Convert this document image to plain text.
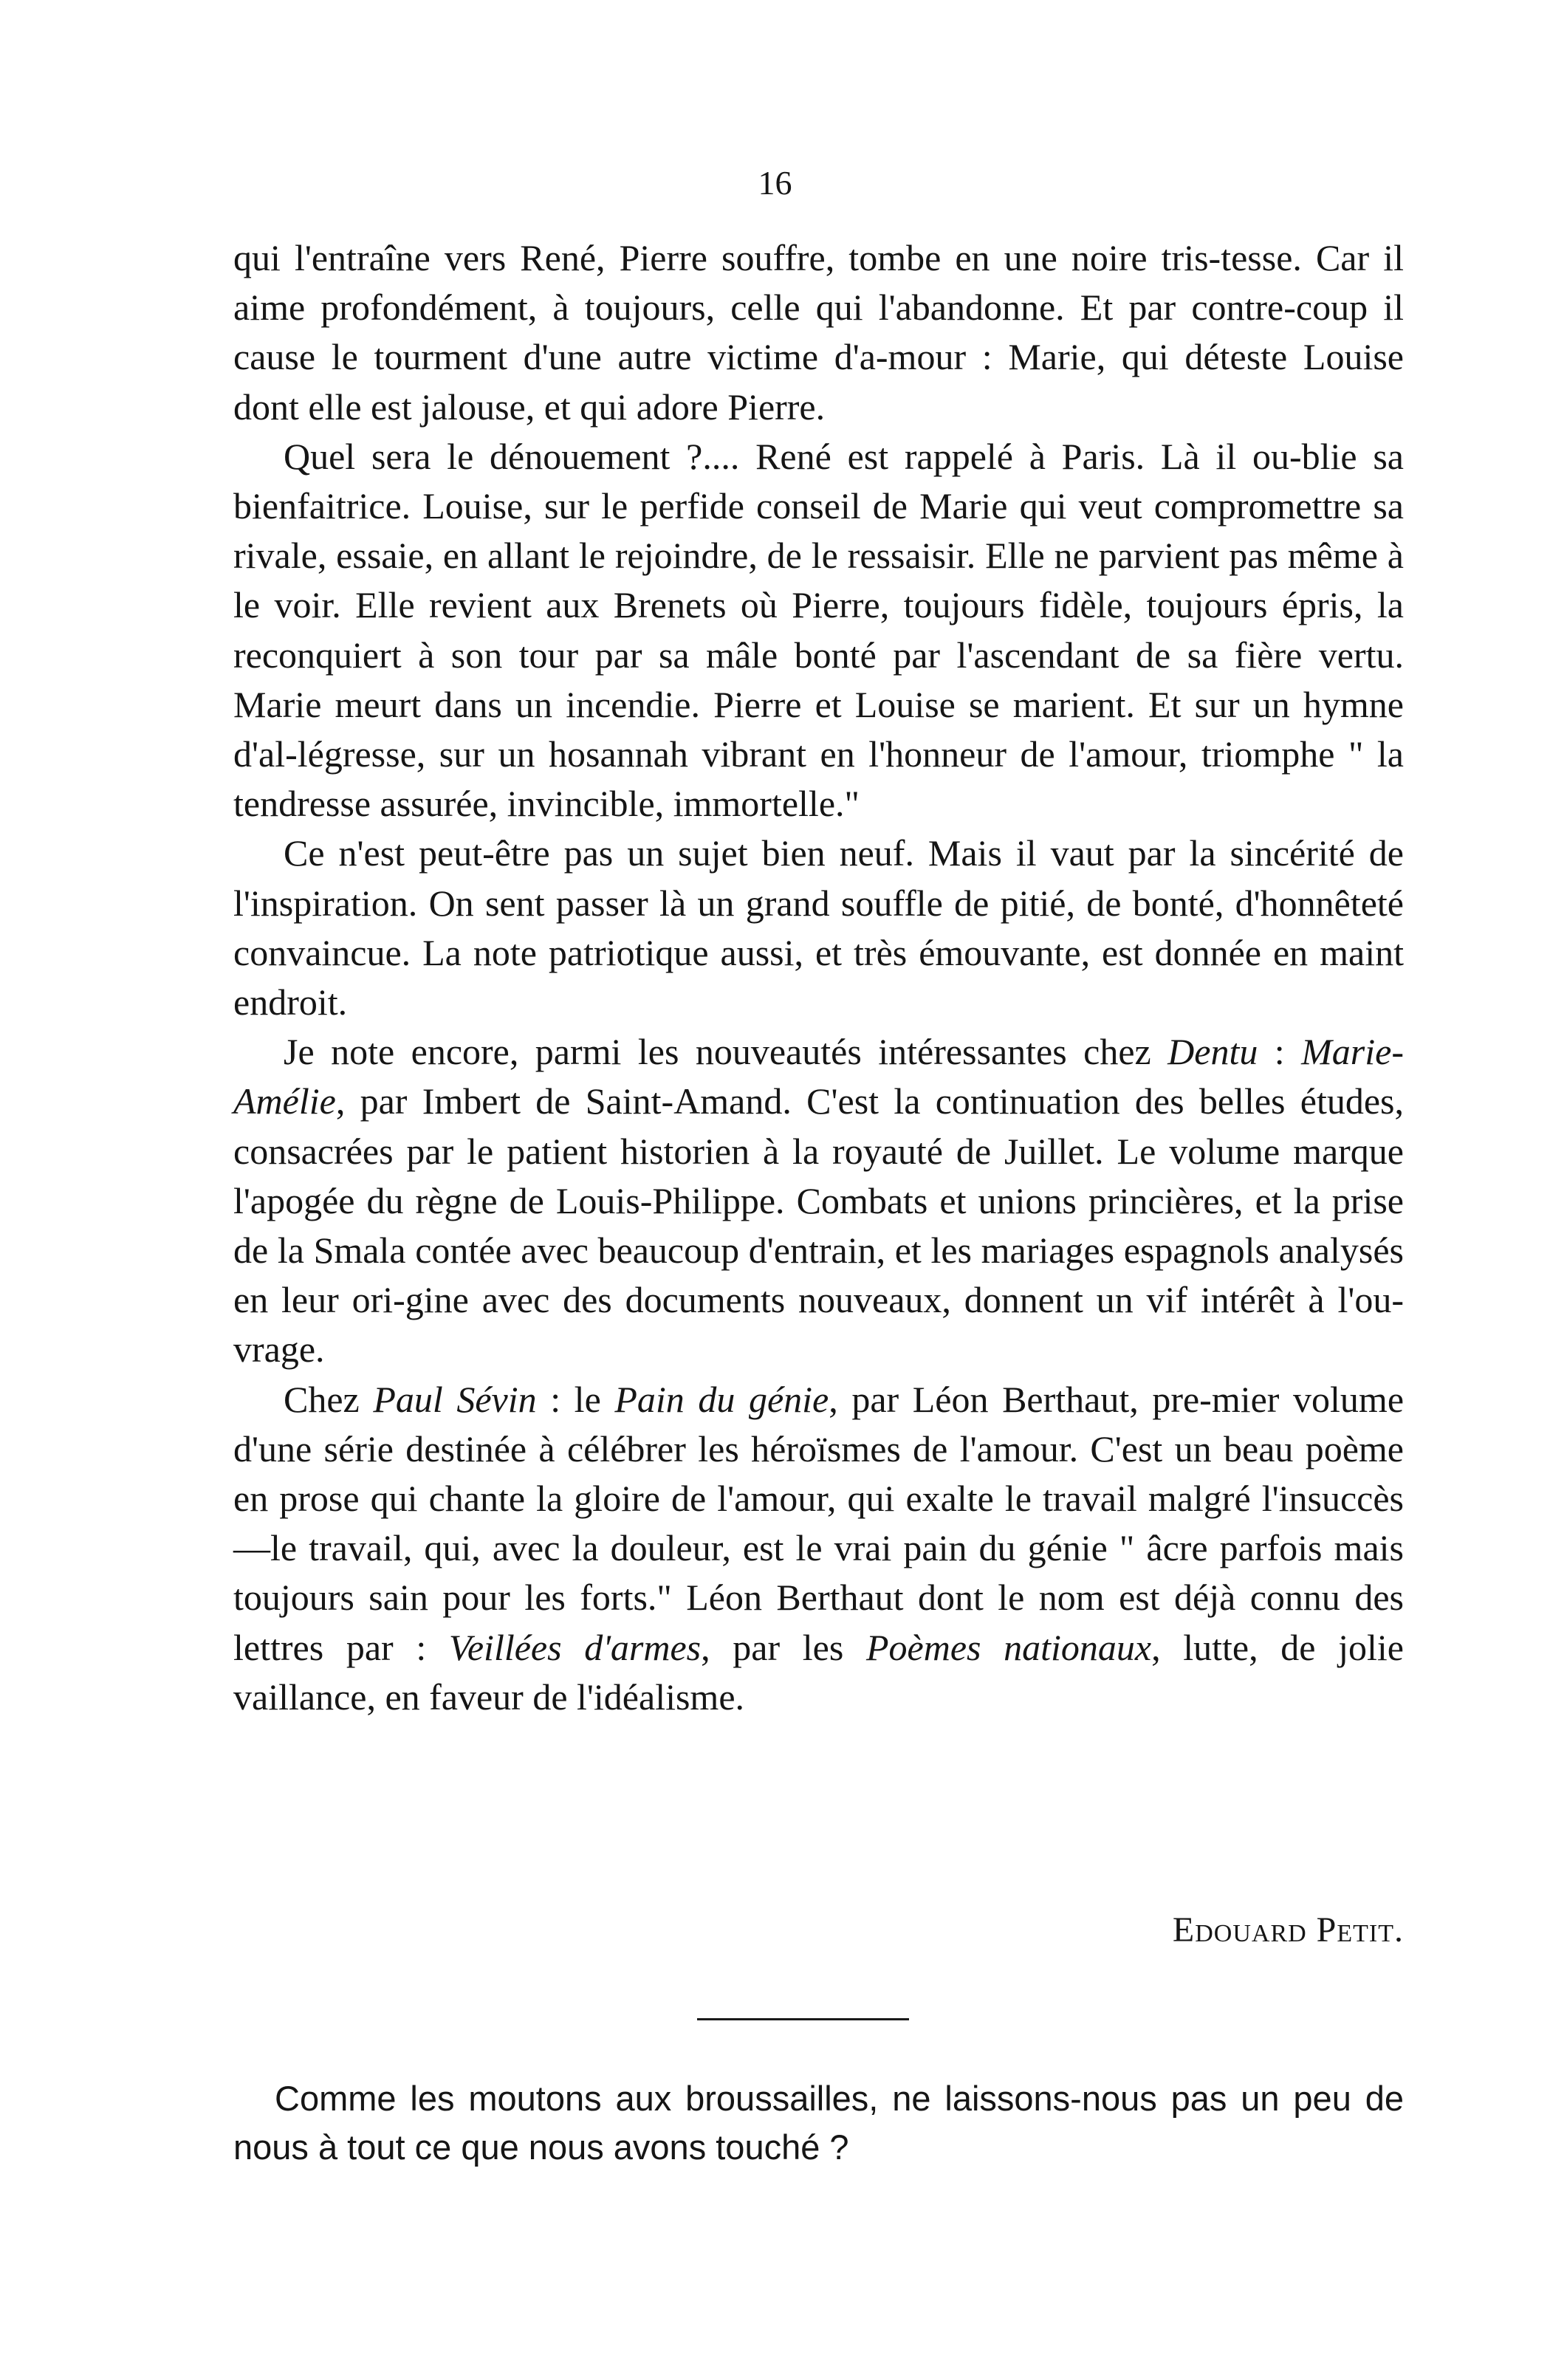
16

qui l'entraîne vers René, Pierre souffre, tombe en une noire tris-tesse. Car il aime profondément, à toujours, celle qui l'abandonne. Et par contre-coup il cause le tourment d'une autre victime d'a-mour : Marie, qui déteste Louise dont elle est jalouse, et qui adore Pierre.

Quel sera le dénouement ?.... René est rappelé à Paris. Là il ou-blie sa bienfaitrice. Louise, sur le perfide conseil de Marie qui veut compromettre sa rivale, essaie, en allant le rejoindre, de le ressaisir. Elle ne parvient pas même à le voir. Elle revient aux Brenets où Pierre, toujours fidèle, toujours épris, la reconquiert à son tour par sa mâle bonté par l'ascendant de sa fière vertu. Marie meurt dans un incendie. Pierre et Louise se marient. Et sur un hymne d'al-légresse, sur un hosannah vibrant en l'honneur de l'amour, triomphe " la tendresse assurée, invincible, immortelle."

Ce n'est peut-être pas un sujet bien neuf. Mais il vaut par la sincérité de l'inspiration. On sent passer là un grand souffle de pitié, de bonté, d'honnêteté convaincue. La note patriotique aussi, et très émouvante, est donnée en maint endroit.

Je note encore, parmi les nouveautés intéressantes chez Dentu : Marie-Amélie, par Imbert de Saint-Amand. C'est la continuation des belles études, consacrées par le patient historien à la royauté de Juillet. Le volume marque l'apogée du règne de Louis-Philippe. Combats et unions princières, et la prise de la Smala contée avec beaucoup d'entrain, et les mariages espagnols analysés en leur ori-gine avec des documents nouveaux, donnent un vif intérêt à l'ou-vrage.

Chez Paul Sévin : le Pain du génie, par Léon Berthaut, pre-mier volume d'une série destinée à célébrer les héroïsmes de l'amour. C'est un beau poème en prose qui chante la gloire de l'amour, qui exalte le travail malgré l'insuccès—le travail, qui, avec la douleur, est le vrai pain du génie " âcre parfois mais toujours sain pour les forts." Léon Berthaut dont le nom est déjà connu des lettres par : Veillées d'armes, par les Poèmes nationaux, lutte, de jolie vaillance, en faveur de l'idéalisme.

Edouard Petit.

Comme les moutons aux broussailles, ne laissons-nous pas un peu de nous à tout ce que nous avons touché ?
